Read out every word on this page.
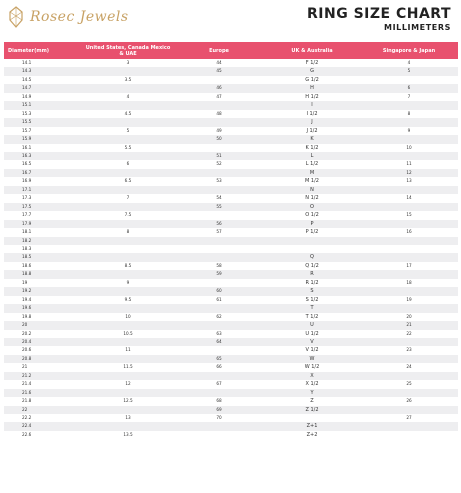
Rosec Jewels	RING SIZE CHART
MILLIMETERS
Diameter(mm)	United States, Canada Mexico & UAE	Europe	UK & Australia	Singapore & Japan
14.1	3	44	F 1/2	4
14.3		45	G	5
14.5	3.5		G 1/2	
14.7		46	H	6
14.9	4	47	H 1/2	7
15.1			I	
15.3	4.5	48	I 1/2	8
15.5			J	
15.7	5	49	J 1/2	9
15.9		50	K	
16.1	5.5		K 1/2	10
16.3		51	L	
16.5	6	52	L 1/2	11
16.7			M	12
16.9	6.5	53	M 1/2	13
17.1			N	
17.3	7	54	N 1/2	14
17.5		55	O	
17.7	7.5		O 1/2	15
17.9		56	P	
18.1	8	57	P 1/2	16
18.2				
18.3				
18.5			Q	
18.6	8.5	58	Q 1/2	17
18.8		59	R	
19	9		R 1/2	18
19.2		60	S	
19.4	9.5	61	S 1/2	19
19.6			T	
19.8	10	62	T 1/2	20
20			U	21
20.2	10.5	63	U 1/2	22
20.4		64	V	
20.6	11		V 1/2	23
20.8		65	W	
21	11.5	66	W 1/2	24
21.2			X	
21.4	12	67	X 1/2	25
21.6			Y	
21.8	12.5	68	Z	26
22		69	Z 1/2	
22.2	13	70		27
22.4			Z+1	
22.6	13.5		Z+2	
